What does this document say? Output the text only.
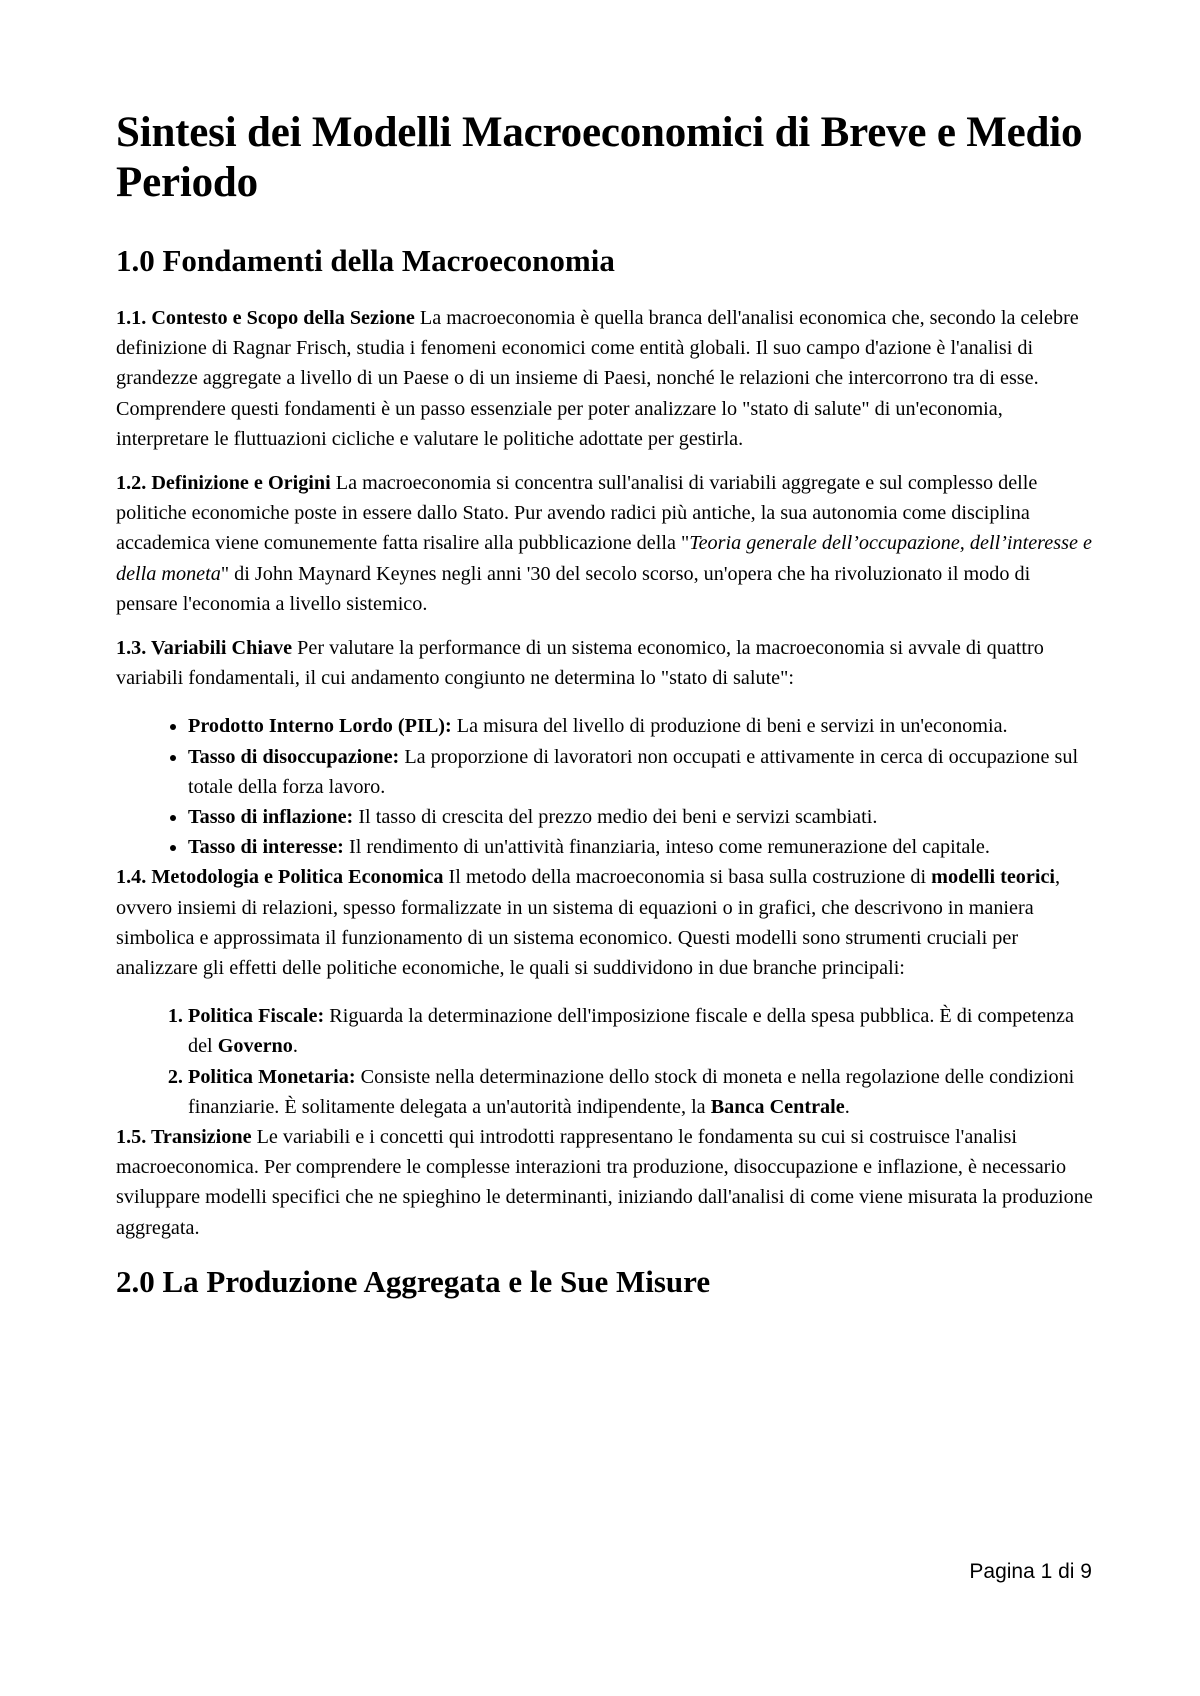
Sintesi dei Modelli Macroeconomici di Breve e Medio Periodo
1.0 Fondamenti della Macroeconomia

1.1. Contesto e Scopo della Sezione La macroeconomia è quella branca dell'analisi economica che, secondo la celebre definizione di Ragnar Frisch, studia i fenomeni economici come entità globali. Il suo campo d'azione è l'analisi di grandezze aggregate a livello di un Paese o di un insieme di Paesi, nonché le relazioni che intercorrono tra di esse. Comprendere questi fondamenti è un passo essenziale per poter analizzare lo "stato di salute" di un'economia, interpretare le fluttuazioni cicliche e valutare le politiche adottate per gestirla.

1.2. Definizione e Origini La macroeconomia si concentra sull'analisi di variabili aggregate e sul complesso delle politiche economiche poste in essere dallo Stato. Pur avendo radici più antiche, la sua autonomia come disciplina accademica viene comunemente fatta risalire alla pubblicazione della "Teoria generale dell’occupazione, dell’interesse e della moneta" di John Maynard Keynes negli anni '30 del secolo scorso, un'opera che ha rivoluzionato il modo di pensare l'economia a livello sistemico.

1.3. Variabili Chiave Per valutare la performance di un sistema economico, la macroeconomia si avvale di quattro variabili fondamentali, il cui andamento congiunto ne determina lo "stato di salute":

• Prodotto Interno Lordo (PIL): La misura del livello di produzione di beni e servizi in un'economia.
• Tasso di disoccupazione: La proporzione di lavoratori non occupati e attivamente in cerca di occupazione sul totale della forza lavoro.
• Tasso di inflazione: Il tasso di crescita del prezzo medio dei beni e servizi scambiati.
• Tasso di interesse: Il rendimento di un'attività finanziaria, inteso come remunerazione del capitale.

1.4. Metodologia e Politica Economica Il metodo della macroeconomia si basa sulla costruzione di modelli teorici, ovvero insiemi di relazioni, spesso formalizzate in un sistema di equazioni o in grafici, che descrivono in maniera simbolica e approssimata il funzionamento di un sistema economico. Questi modelli sono strumenti cruciali per analizzare gli effetti delle politiche economiche, le quali si suddividono in due branche principali:

1. Politica Fiscale: Riguarda la determinazione dell'imposizione fiscale e della spesa pubblica. È di competenza del Governo.
2. Politica Monetaria: Consiste nella determinazione dello stock di moneta e nella regolazione delle condizioni finanziarie. È solitamente delegata a un'autorità indipendente, la Banca Centrale.

1.5. Transizione Le variabili e i concetti qui introdotti rappresentano le fondamenta su cui si costruisce l'analisi macroeconomica. Per comprendere le complesse interazioni tra produzione, disoccupazione e inflazione, è necessario sviluppare modelli specifici che ne spieghino le determinanti, iniziando dall'analisi di come viene misurata la produzione aggregata.

2.0 La Produzione Aggregata e le Sue Misure
Pagina 1 di 9
